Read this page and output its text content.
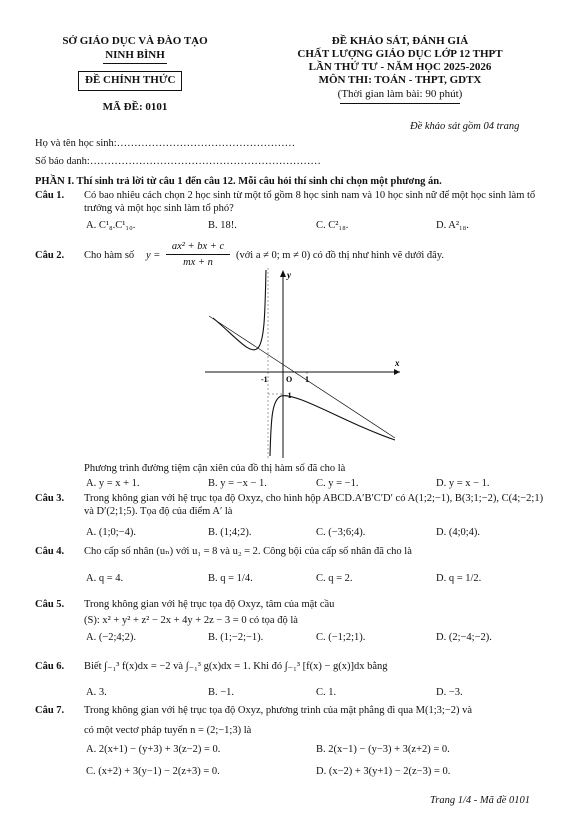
SỞ GIÁO DỤC VÀ ĐÀO TẠO
NINH BÌNH
ĐỀ CHÍNH THỨC
MÃ ĐỀ: 0101
ĐỀ KHẢO SÁT, ĐÁNH GIÁ
CHẤT LƯỢNG GIÁO DỤC LỚP 12 THPT
LẦN THỨ TƯ - NĂM HỌC 2025-2026
MÔN THI: TOÁN - THPT, GDTX
(Thời gian làm bài: 90 phút)
Đề khảo sát gồm 04 trang
Họ và tên học sinh:……………………………………………
Số báo danh:…………………………………………………………
PHẦN I. Thí sinh trả lời từ câu 1 đến câu 12. Mỗi câu hỏi thí sinh chỉ chọn một phương án.
Câu 1. Có bao nhiêu cách chọn 2 học sinh từ một tổ gồm 8 học sinh nam và 10 học sinh nữ để một học sinh làm tổ trưởng và một học sinh làm tổ phó?
A. C¹₈.C¹₁₀.	B. 18!.	C. C²₁₈.	D. A²₁₈.
Câu 2. Cho hàm số y =
ax² + bx + c
mx + n
(với a ≠ 0; m ≠ 0) có đồ thị như hình vẽ dưới đây.
x
y
O
-1	1
-1
Phương trình đường tiệm cận xiên của đồ thị hàm số đã cho là
A. y = x + 1.	B. y = −x − 1.	C. y = −1.	D. y = x − 1.
Câu 3. Trong không gian với hệ trục tọa độ Oxyz, cho hình hộp ABCD.A′B′C′D′ có A(1;2;−1), B(3;1;−2), C(4;−2;1) và D′(2;1;5). Tọa độ của điểm A′ là
A. (1;0;−4).	B. (1;4;2).	C. (−3;6;4).	D. (4;0;4).
Câu 4. Cho cấp số nhân (uₙ) với u₁ = 8 và u₂ = 2. Công bội của cấp số nhân đã cho là
A. q = 4.	B. q = 1/4.	C. q = 2.	D. q = 1/2.
Câu 5. Trong không gian với hệ trục tọa độ Oxyz, tâm của mặt cầu
(S): x² + y² + z² − 2x + 4y + 2z − 3 = 0 có tọa độ là
A. (−2;4;2).	B. (1;−2;−1).	C. (−1;2;1).	D. (2;−4;−2).
Câu 6. Biết ∫₋₁³ f(x)dx = −2 và ∫₋₁³ g(x)dx = 1. Khi đó ∫₋₁³ [f(x) − g(x)]dx bằng
A. 3.	B. −1.	C. 1.	D. −3.
Câu 7. Trong không gian với hệ trục tọa độ Oxyz, phương trình của mặt phẳng đi qua M(1;3;−2) và
có một vectơ pháp tuyến n = (2;−1;3) là
A. 2(x+1) − (y+3) + 3(z−2) = 0.	B. 2(x−1) − (y−3) + 3(z+2) = 0.
C. (x+2) + 3(y−1) − 2(z+3) = 0.	D. (x−2) + 3(y+1) − 2(z−3) = 0.
Trang 1/4 - Mã đề 0101
